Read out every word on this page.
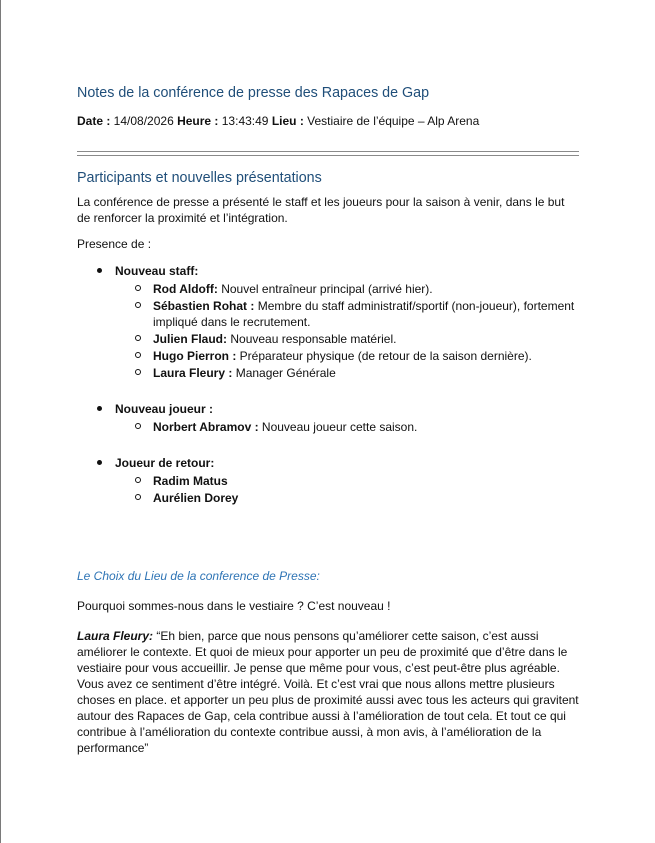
Notes de la conférence de presse des Rapaces de Gap
Date : 14/08/2026 Heure : 13:43:49 Lieu : Vestiaire de l’équipe – Alp Arena
Participants et nouvelles présentations

La conférence de presse a présenté le staff et les joueurs pour la saison à venir, dans le but de renforcer la proximité et l’intégration.

Presence de :

Nouveau staff:
Rod Aldoff: Nouvel entraîneur principal (arrivé hier).
Sébastien Rohat : Membre du staff administratif/sportif (non-joueur), fortement impliqué dans le recrutement.
Julien Flaud: Nouveau responsable matériel.
Hugo Pierron : Préparateur physique (de retour de la saison dernière).
Laura Fleury : Manager Générale
Nouveau joueur :
Norbert Abramov : Nouveau joueur cette saison.
Joueur de retour:
Radim Matus
Aurélien Dorey
Le Choix du Lieu de la conference de Presse:

Pourquoi sommes-nous dans le vestiaire ? C’est nouveau !

Laura Fleury: “Eh bien, parce que nous pensons qu’améliorer cette saison, c’est aussi améliorer le contexte. Et quoi de mieux pour apporter un peu de proximité que d’être dans le vestiaire pour vous accueillir. Je pense que même pour vous, c’est peut-être plus agréable. Vous avez ce sentiment d’être intégré. Voilà. Et c’est vrai que nous allons mettre plusieurs choses en place. et apporter un peu plus de proximité aussi avec tous les acteurs qui gravitent autour des Rapaces de Gap, cela contribue aussi à l’amélioration de tout cela. Et tout ce qui contribue à l’amélioration du contexte contribue aussi, à mon avis, à l’amélioration de la performance”
